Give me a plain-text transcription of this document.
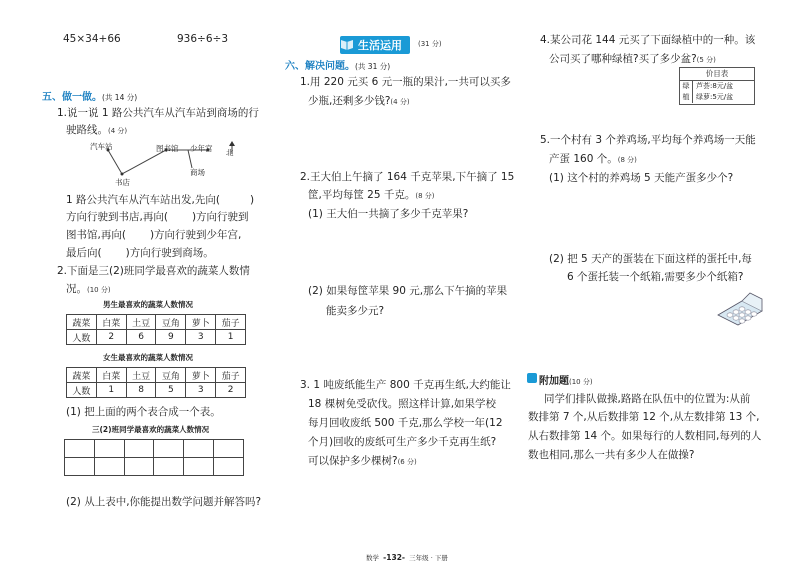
45×34+66	936÷6÷3
五、做一做。(共 14 分)
1.说一说 1 路公共汽车从汽车站到商场的行
驶路线。(4 分)
汽车站
书店
图书馆 少年宫
商场
北
1 路公共汽车从汽车站出发,先向(	)
方向行驶到书店,再向( )方向行驶到
图书馆,再向( )方向行驶到少年宫,
最后向( )方向行驶到商场。
2.下面是三(2)班同学最喜欢的蔬菜人数情
况。(10 分)
男生最喜欢的蔬菜人数情况
蔬菜	白菜	土豆	豆角	萝卜	茄子
人数	2	6	9	3	1
女生最喜欢的蔬菜人数情况
蔬菜	白菜	土豆	豆角	萝卜	茄子
人数	1	8	5	3	2
(1) 把上面的两个表合成一个表。
三(2)班同学最喜欢的蔬菜人数情况

(2) 从上表中,你能提出数学问题并解答吗?
生活运用	(31 分)
六、解决问题。(共 31 分)
1.用 220 元买 6 元一瓶的果汁,一共可以买多
少瓶,还剩多少钱?(4 分)
2.王大伯上午摘了 164 千克苹果,下午摘了 15
筐,平均每筐 25 千克。(8 分)
(1) 王大伯一共摘了多少千克苹果?
(2) 如果每筐苹果 90 元,那么下午摘的苹果
能卖多少元?
3. 1 吨废纸能生产 800 千克再生纸,大约能让
18 棵树免受砍伐。照这样计算,如果学校
每月回收废纸 500 千克,那么学校一年(12
个月)回收的废纸可生产多少千克再生纸?
可以保护多少棵树?(6 分)
4.某公司花 144 元买了下面绿植中的一种。该
公司买了哪种绿植?买了多少盆?(5 分)
价目表
绿植
芦荟:8元/盆
绿萝:5元/盆
5.一个村有 3 个养鸡场,平均每个养鸡场一天能
产蛋 160 个。(8 分)
(1) 这个村的养鸡场 5 天能产蛋多少个?
(2) 把 5 天产的蛋装在下面这样的蛋托中,每
6 个蛋托装一个纸箱,需要多少个纸箱?
附加题(10 分)
同学们排队做操,路路在队伍中的位置为:从前
数排第 7 个,从后数排第 12 个,从左数排第 13 个,
从右数排第 14 个。如果每行的人数相同,每列的人
数也相同,那么一共有多少人在做操?
数学 -132- 三年级 · 下册
